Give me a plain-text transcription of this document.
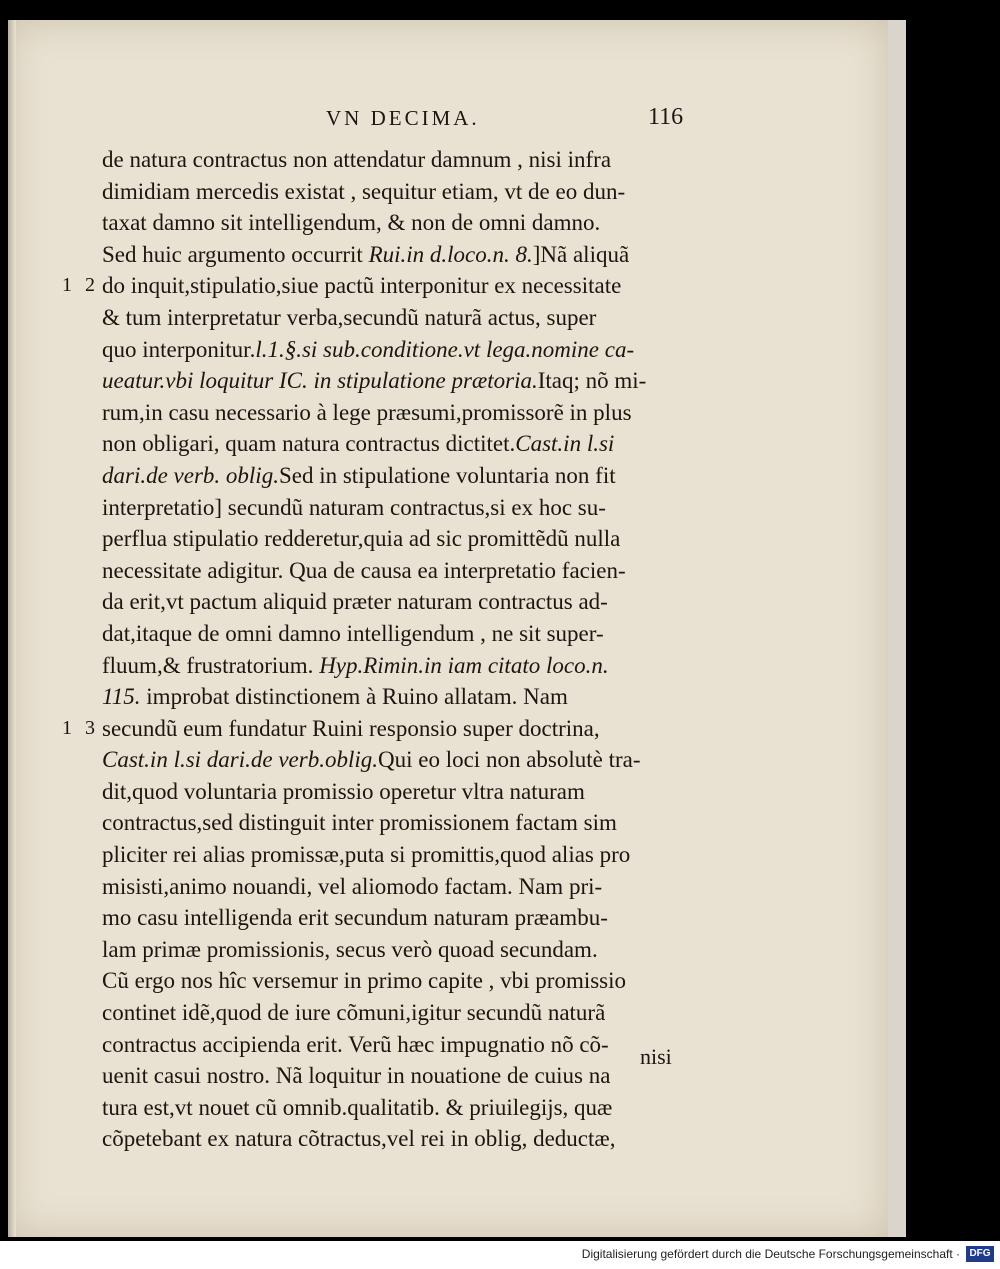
VN DECIMA.	116
de natura contractus non attendatur damnum , nisi infra
dimidiam mercedis existat , sequitur etiam, vt de eo dun-
taxat damno sit intelligendum, & non de omni damno.
Sed huic argumento occurrit Rui.in d.loco.n. 8.]Nã aliquã
1 2 do inquit,stipulatio,siue pactũ interponitur ex necessitate
& tum interpretatur verba,secundũ naturã actus, super
quo interponitur.l.1.§.si sub.conditione.vt lega.nomine ca-
ueatur.vbi loquitur IC. in stipulatione prætoria.Itaq; nõ mi-
rum,in casu necessario à lege præsumi,promissorẽ in plus
non obligari, quam natura contractus dictitet.Cast.in l.si
dari.de verb. oblig.Sed in stipulatione voluntaria non fit
interpretatio] secundũ naturam contractus,si ex hoc su-
perflua stipulatio redderetur,quia ad sic promittẽdũ nulla
necessitate adigitur. Qua de causa ea interpretatio facien-
da erit,vt pactum aliquid præter naturam contractus ad-
dat,itaque de omni damno intelligendum , ne sit super-
fluum,& frustratorium. Hyp.Rimin.in iam citato loco.n.
115. improbat distinctionem à Ruino allatam. Nam
1 3 secundũ eum fundatur Ruini responsio super doctrina,
Cast.in l.si dari.de verb.oblig.Qui eo loci non absolutè tra-
dit,quod voluntaria promissio operetur vltra naturam
contractus,sed distinguit inter promissionem factam sim
pliciter rei alias promissæ,puta si promittis,quod alias pro
misisti,animo nouandi, vel aliomodo factam. Nam pri-
mo casu intelligenda erit secundum naturam præambu-
lam primæ promissionis, secus verò quoad secundam.
Cũ ergo nos hîc versemur in primo capite , vbi promissio
continet idẽ,quod de iure cõmuni,igitur secundũ naturã
contractus accipienda erit. Verũ hæc impugnatio nõ cõ-
uenit casui nostro. Nã loquitur in nouatione de cuius na
tura est,vt nouet cũ omnib.qualitatib. & priuilegijs, quæ
cõpetebant ex natura cõtractus,vel rei in oblig, deductæ,
nisi
Digitalisierung gefördert durch die Deutsche Forschungsgemeinschaft · DFG
